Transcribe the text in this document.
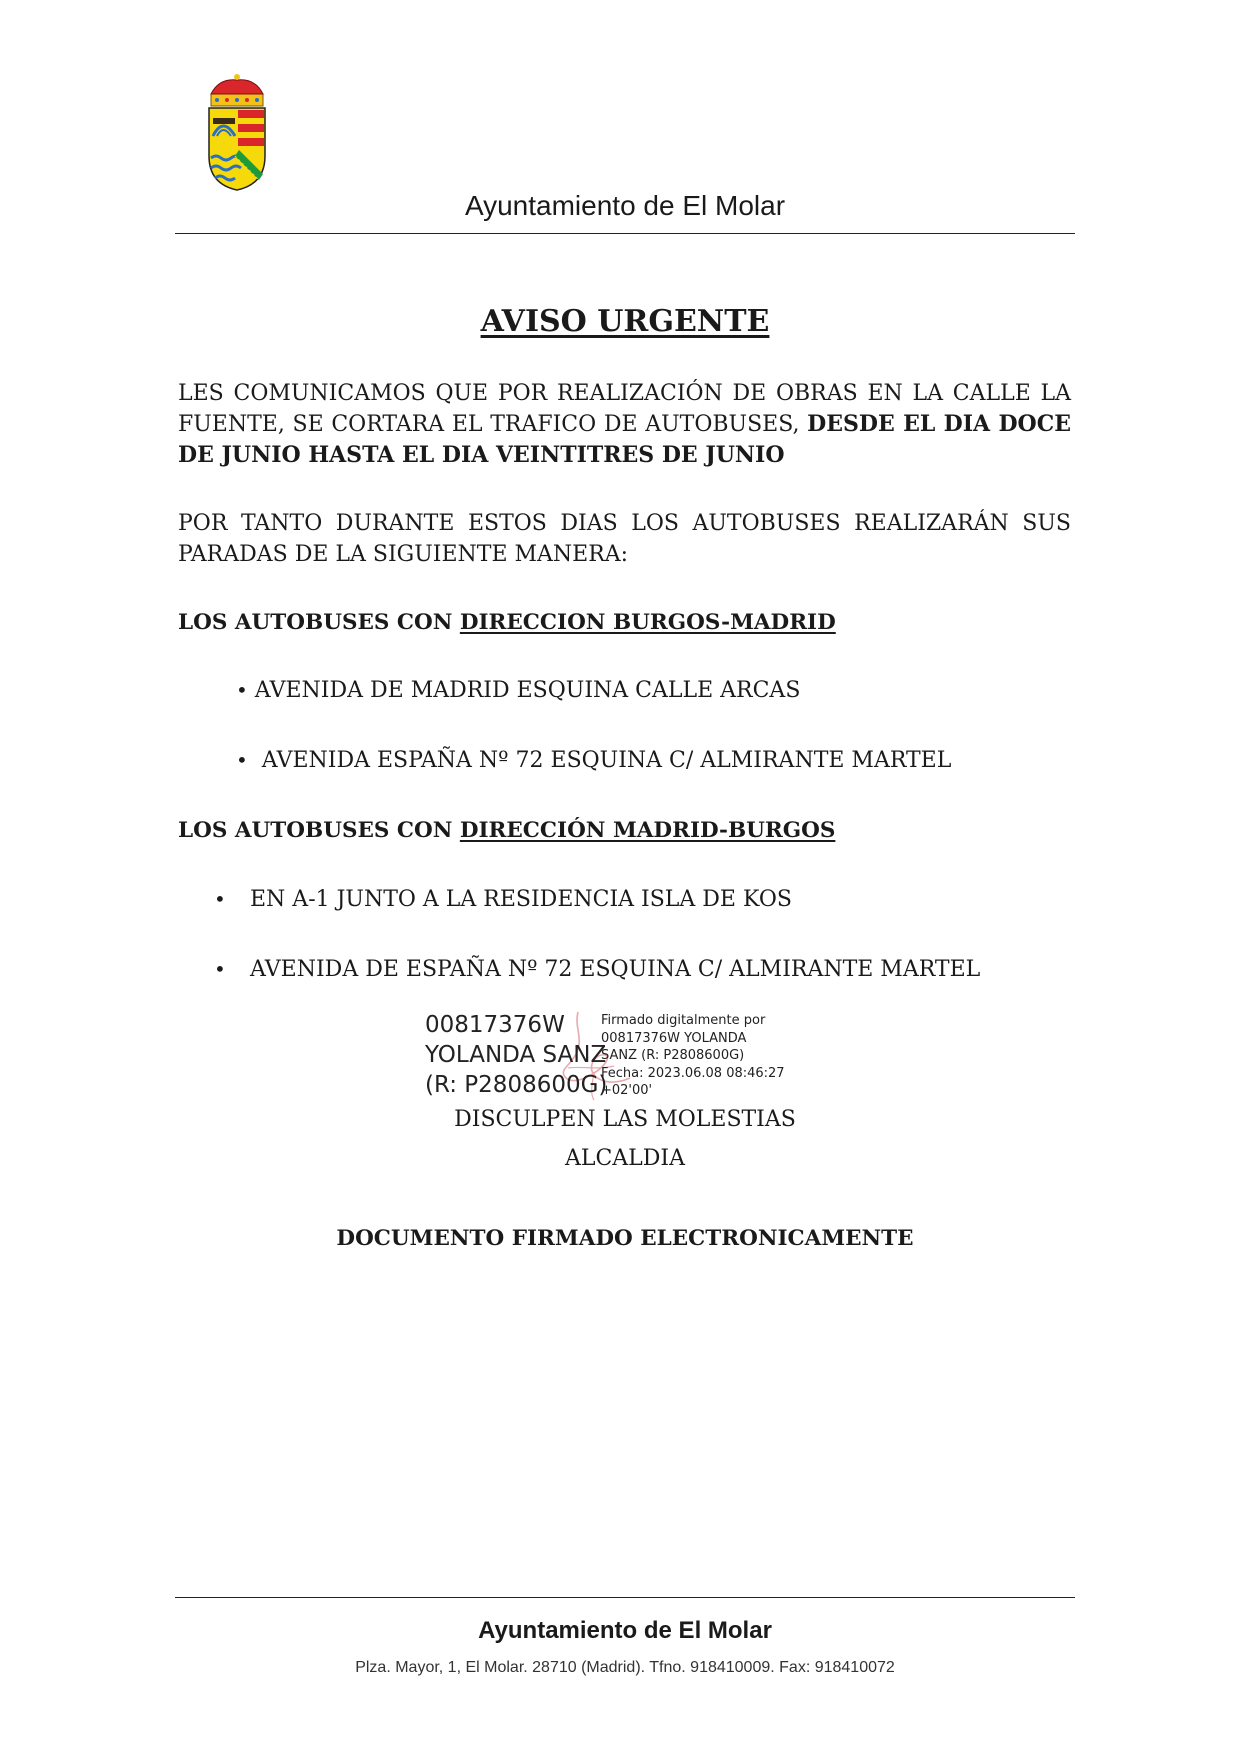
Ayuntamiento de El Molar
AVISO URGENTE
LES COMUNICAMOS QUE POR REALIZACIÓN DE OBRAS EN LA CALLE LA FUENTE, SE CORTARA EL TRAFICO DE AUTOBUSES, DESDE EL DIA DOCE DE JUNIO HASTA EL DIA VEINTITRES DE JUNIO
POR TANTO DURANTE ESTOS DIAS LOS AUTOBUSES REALIZARÁN SUS PARADAS DE LA SIGUIENTE MANERA:
LOS AUTOBUSES CON DIRECCION BURGOS-MADRID
• AVENIDA DE MADRID ESQUINA CALLE ARCAS
• AVENIDA ESPAÑA Nº 72 ESQUINA C/ ALMIRANTE MARTEL
LOS AUTOBUSES CON DIRECCIÓN MADRID-BURGOS
• EN A-1 JUNTO A LA RESIDENCIA ISLA DE KOS
• AVENIDA DE ESPAÑA Nº 72 ESQUINA C/ ALMIRANTE MARTEL
00817376W
YOLANDA SANZ
(R: P2808600G)
Firmado digitalmente por
00817376W YOLANDA
SANZ (R: P2808600G)
Fecha: 2023.06.08 08:46:27
+02'00'
DISCULPEN LAS MOLESTIAS
ALCALDIA
DOCUMENTO FIRMADO ELECTRONICAMENTE
Ayuntamiento de El Molar
Plza. Mayor, 1, El Molar. 28710 (Madrid). Tfno. 918410009. Fax: 918410072
